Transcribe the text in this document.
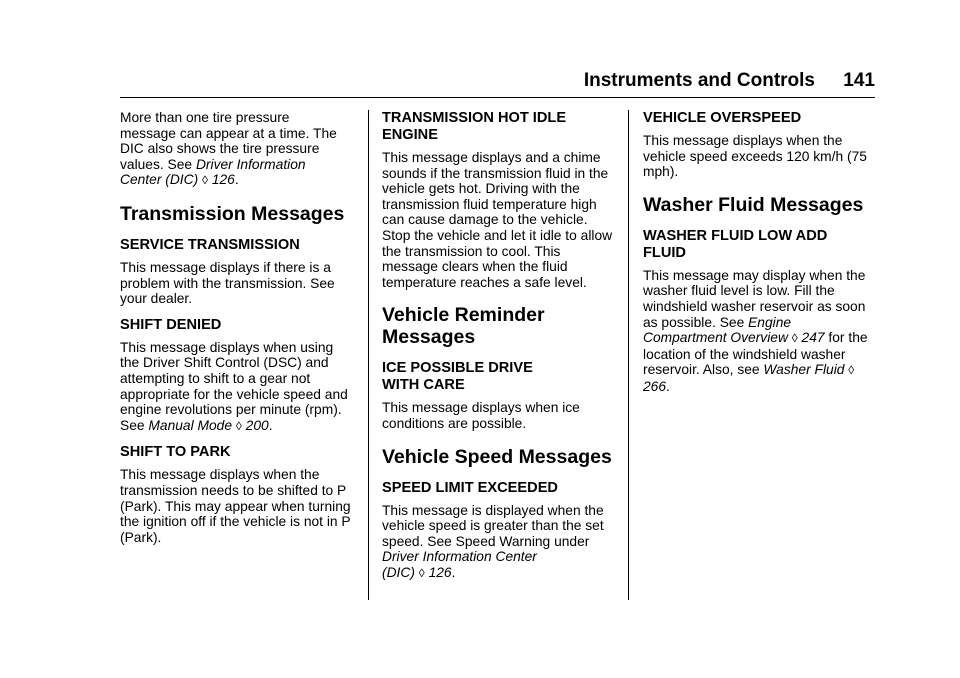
Instruments and Controls 141

More than one tire pressure
message can appear at a time. The
DIC also shows the tire pressure
values. See Driver Information
Center (DIC) ◊ 126.

Transmission Messages
SERVICE TRANSMISSION

This message displays if there is a problem with the transmission. See your dealer.

SHIFT DENIED

This message displays when using the Driver Shift Control (DSC) and attempting to shift to a gear not appropriate for the vehicle speed and engine revolutions per minute (rpm). See Manual Mode ◊ 200.

SHIFT TO PARK

This message displays when the transmission needs to be shifted to P (Park). This may appear when turning the ignition off if the vehicle is not in P (Park).

TRANSMISSION HOT IDLE
ENGINE

This message displays and a chime sounds if the transmission fluid in the vehicle gets hot. Driving with the transmission fluid temperature high can cause damage to the vehicle. Stop the vehicle and let it idle to allow the transmission to cool. This message clears when the fluid temperature reaches a safe level.

Vehicle Reminder
Messages
ICE POSSIBLE DRIVE
WITH CARE

This message displays when ice conditions are possible.

Vehicle Speed Messages
SPEED LIMIT EXCEEDED

This message is displayed when the vehicle speed is greater than the set speed. See Speed Warning under
Driver Information Center
(DIC) ◊ 126.

VEHICLE OVERSPEED

This message displays when the vehicle speed exceeds 120 km/h (75 mph).

Washer Fluid Messages
WASHER FLUID LOW ADD
FLUID

This message may display when the washer fluid level is low. Fill the windshield washer reservoir as soon as possible. See Engine Compartment Overview ◊ 247 for the location of the windshield washer reservoir. Also, see Washer Fluid ◊ 266.
